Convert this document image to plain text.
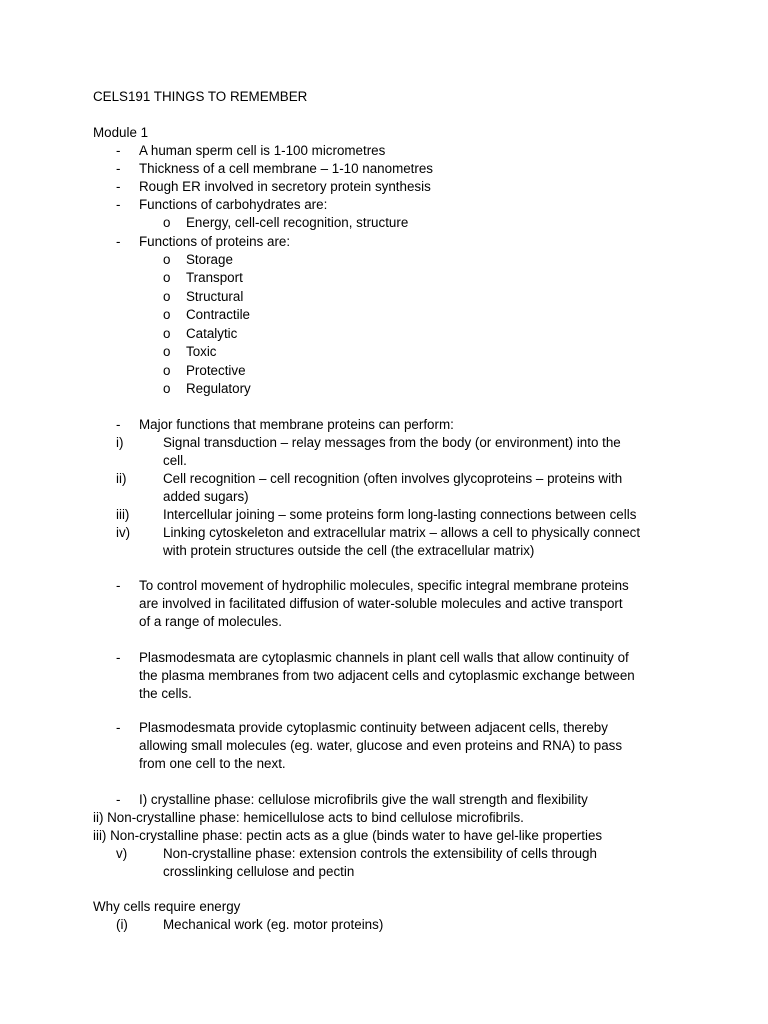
CELS191 THINGS TO REMEMBER
Module 1
- A human sperm cell is 1-100 micrometres
- Thickness of a cell membrane – 1-10 nanometres
- Rough ER involved in secretory protein synthesis
- Functions of carbohydrates are:
o Energy, cell-cell recognition, structure
- Functions of proteins are:
o Storage
o Transport
o Structural
o Contractile
o Catalytic
o Toxic
o Protective
o Regulatory
- Major functions that membrane proteins can perform:
i)	Signal transduction – relay messages from the body (or environment) into the
cell.
ii)	Cell recognition – cell recognition (often involves glycoproteins – proteins with
added sugars)
iii)	Intercellular joining – some proteins form long-lasting connections between cells
iv) Linking cytoskeleton and extracellular matrix – allows a cell to physically connect
with protein structures outside the cell (the extracellular matrix)
- To control movement of hydrophilic molecules, specific integral membrane proteins
are involved in facilitated diffusion of water-soluble molecules and active transport
of a range of molecules.
- Plasmodesmata are cytoplasmic channels in plant cell walls that allow continuity of
the plasma membranes from two adjacent cells and cytoplasmic exchange between
the cells.
- Plasmodesmata provide cytoplasmic continuity between adjacent cells, thereby
allowing small molecules (eg. water, glucose and even proteins and RNA) to pass
from one cell to the next.
- I) crystalline phase: cellulose microfibrils give the wall strength and flexibility
ii) Non-crystalline phase: hemicellulose acts to bind cellulose microfibrils.
iii) Non-crystalline phase: pectin acts as a glue (binds water to have gel-like properties
v)	Non-crystalline phase: extension controls the extensibility of cells through
crosslinking cellulose and pectin
Why cells require energy
(i)	Mechanical work (eg. motor proteins)
